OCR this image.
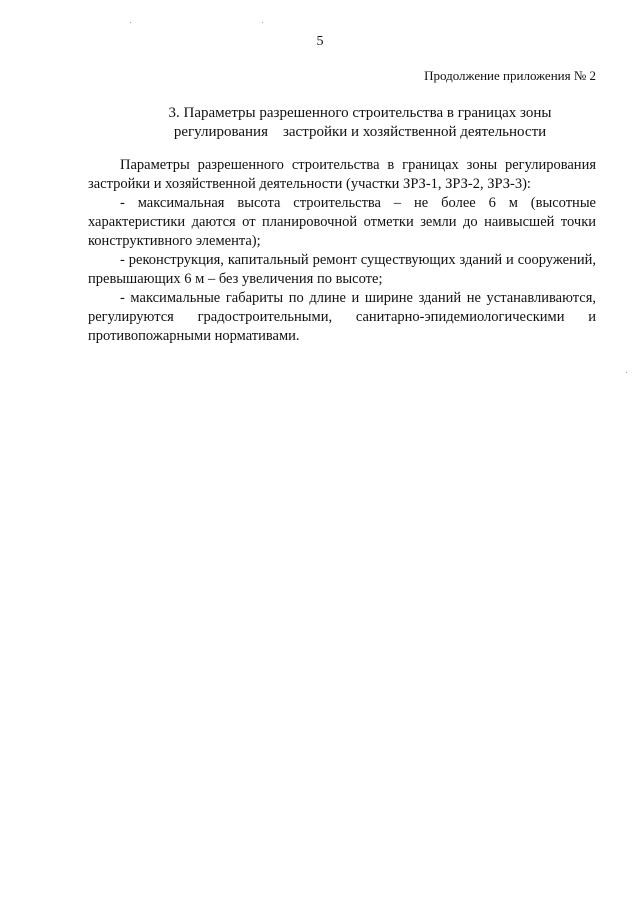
5
Продолжение приложения № 2
3. Параметры разрешенного строительства в границах зоны
регулирования    застройки и хозяйственной деятельности

Параметры разрешенного строительства в границах зоны регулирования застройки и хозяйственной деятельности (участки ЗРЗ-1, ЗРЗ-2, ЗРЗ-3):

- максимальная высота строительства – не более 6 м (высотные характеристики даются от планировочной отметки земли до наивысшей точки конструктивного элемента);

- реконструкция, капитальный ремонт существующих зданий и сооружений, превышающих 6 м – без увеличения по высоте;

- максимальные габариты по длине и ширине зданий не устанавливаются, регулируются градостроительными, санитарно-эпидемиологическими и противопожарными нормативами.
